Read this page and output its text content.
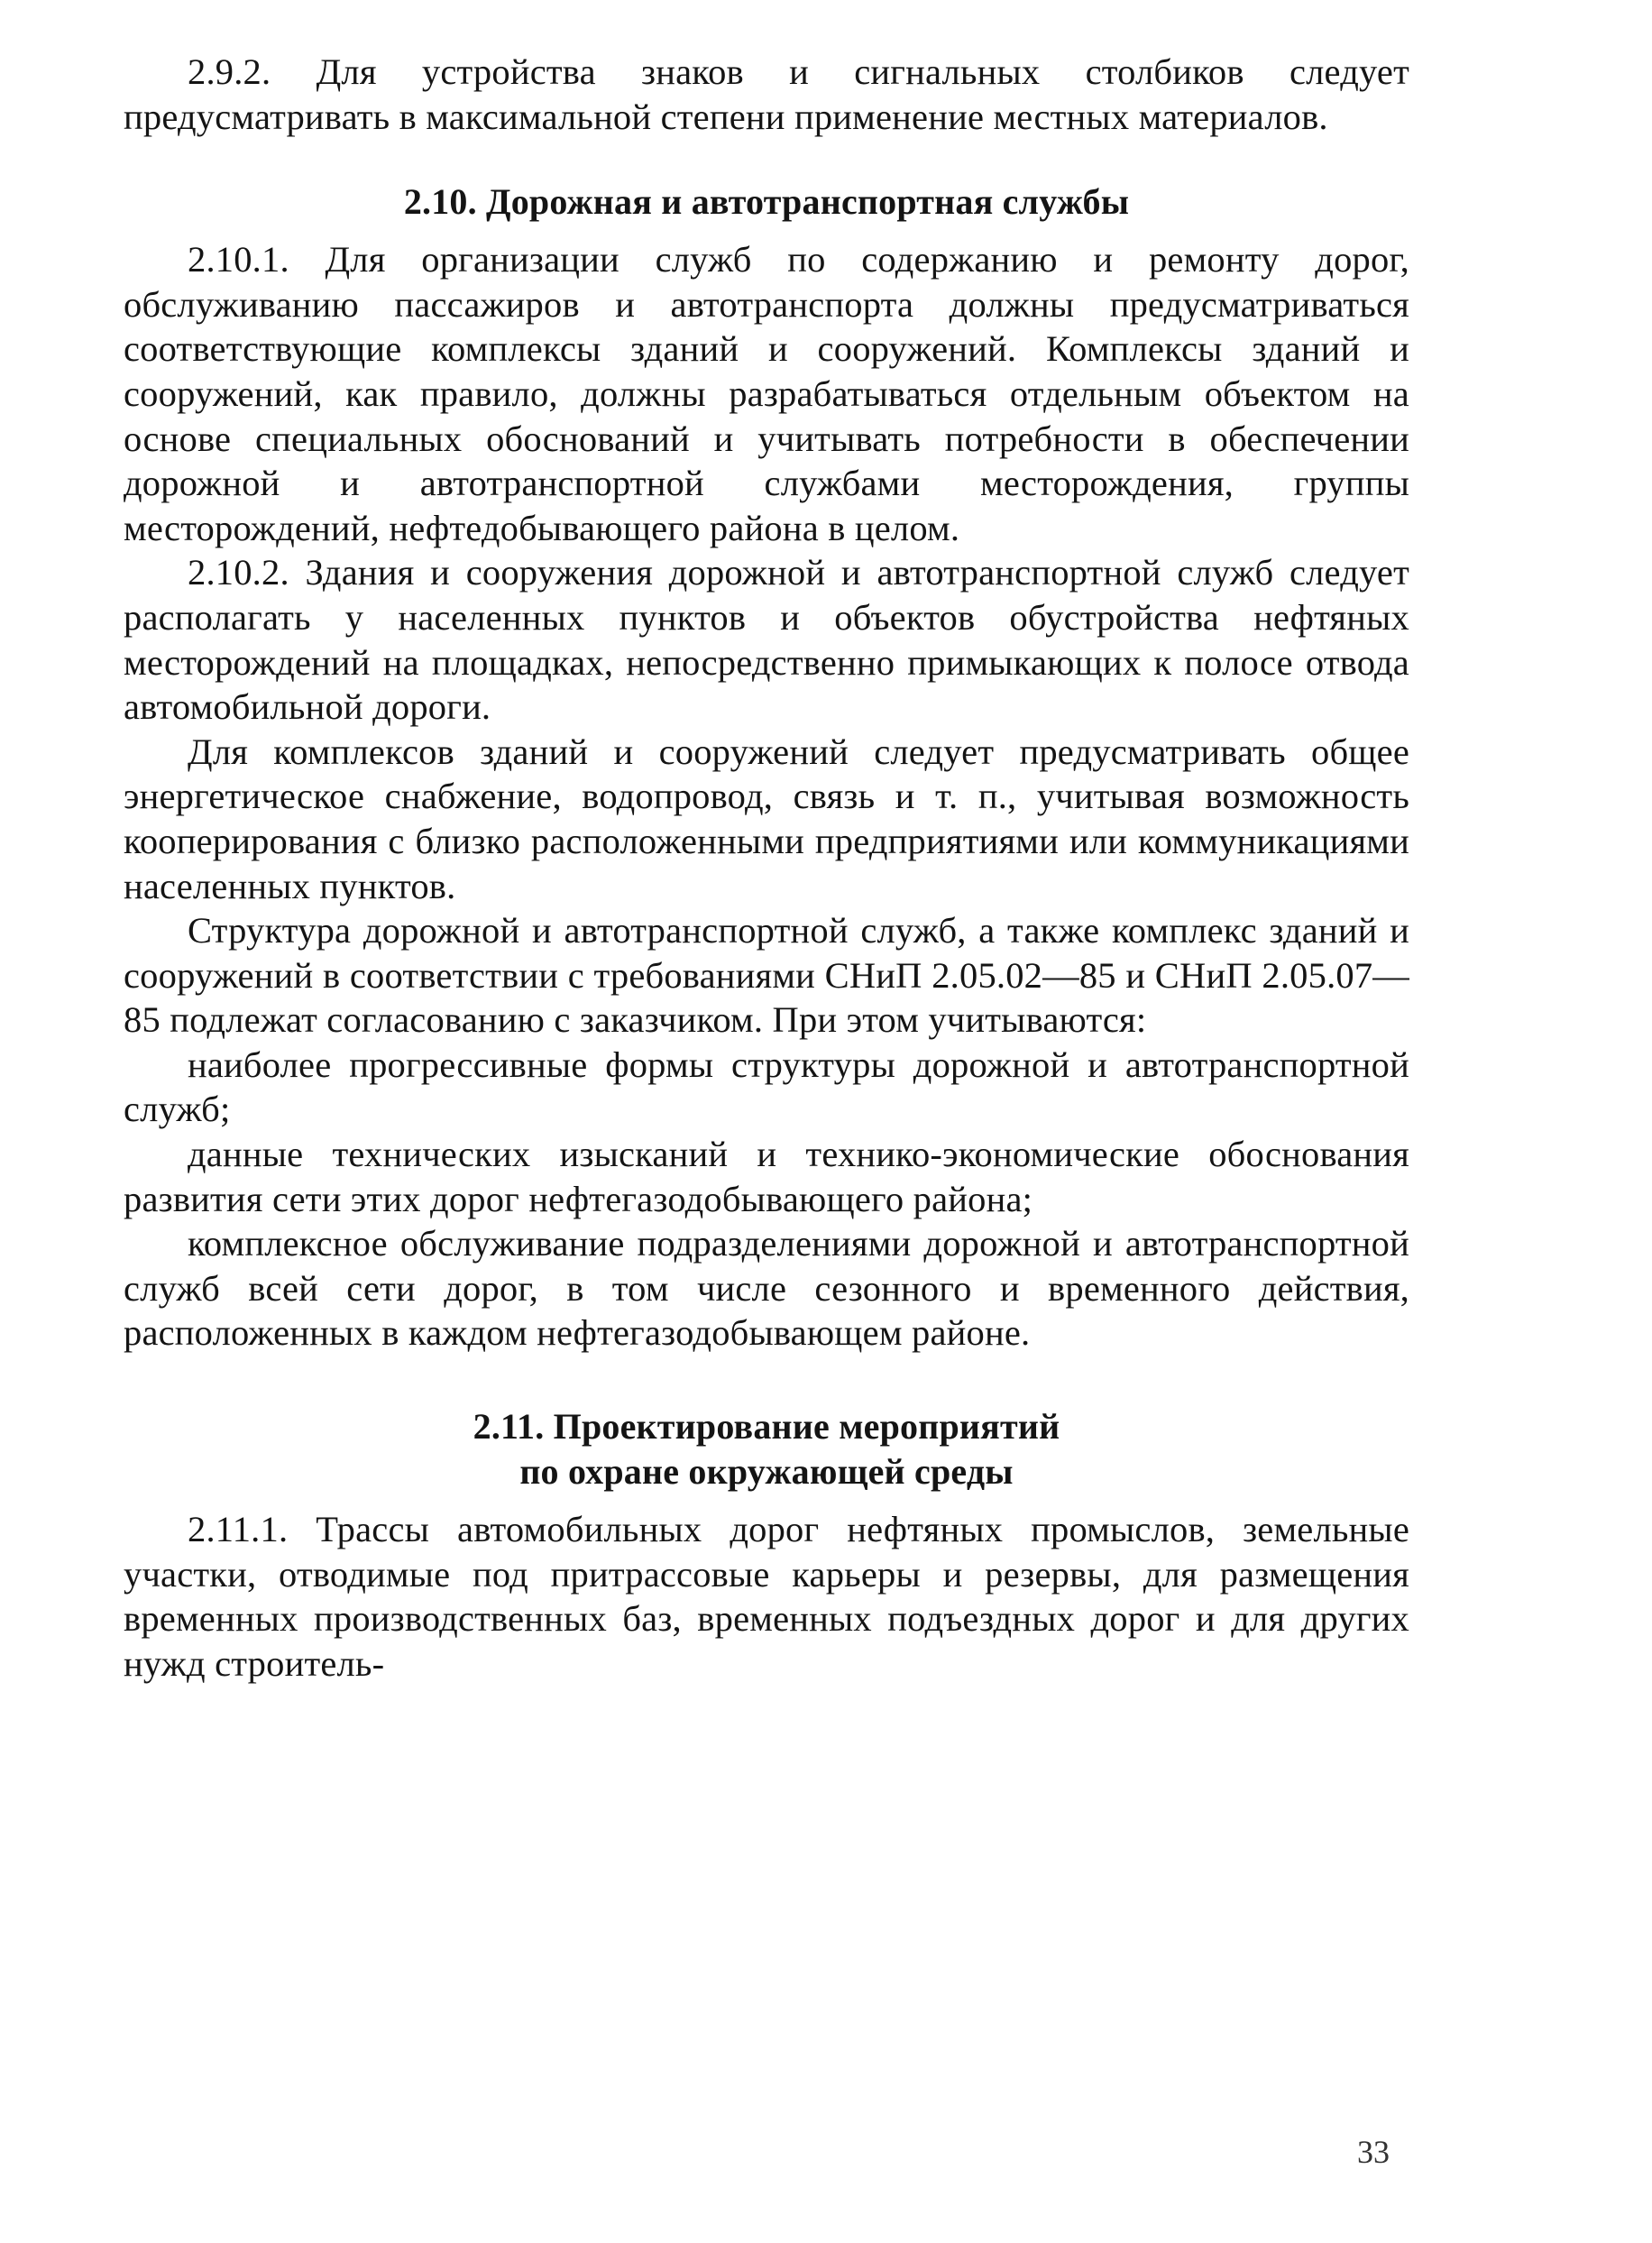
2.9.2. Для устройства знаков и сигнальных столбиков следует предусматривать в максимальной степени применение местных материалов.

2.10. Дорожная и автотранспортная службы

2.10.1. Для организации служб по содержанию и ремонту дорог, обслуживанию пассажиров и автотранспорта должны предусматриваться соответствующие комплексы зданий и сооружений. Комплексы зданий и сооружений, как правило, должны разрабатываться отдельным объектом на основе специальных обоснований и учитывать потребности в обеспечении дорожной и автотранспортной службами месторождения, группы месторождений, нефтедобывающего района в целом.

2.10.2. Здания и сооружения дорожной и автотранспортной служб следует располагать у населенных пунктов и объектов обустройства нефтяных месторождений на площадках, непосредственно примыкающих к полосе отвода автомобильной дороги.

Для комплексов зданий и сооружений следует предусматривать общее энергетическое снабжение, водопровод, связь и т. п., учитывая возможность кооперирования с близко расположенными предприятиями или коммуникациями населенных пунктов.

Структура дорожной и автотранспортной служб, а также комплекс зданий и сооружений в соответствии с требованиями СНиП 2.05.02—85 и СНиП 2.05.07—85 подлежат согласованию с заказчиком. При этом учитываются:

наиболее прогрессивные формы структуры дорожной и автотранспортной служб;

данные технических изысканий и технико-экономические обоснования развития сети этих дорог нефтегазодобывающего района;

комплексное обслуживание подразделениями дорожной и автотранспортной служб всей сети дорог, в том числе сезонного и временного действия, расположенных в каждом нефтегазодобывающем районе.

2.11. Проектирование мероприятий

по охране окружающей среды

2.11.1. Трассы автомобильных дорог нефтяных промыслов, земельные участки, отводимые под притрассовые карьеры и резервы, для размещения временных производственных баз, временных подъездных дорог и для других нужд строитель-

33
